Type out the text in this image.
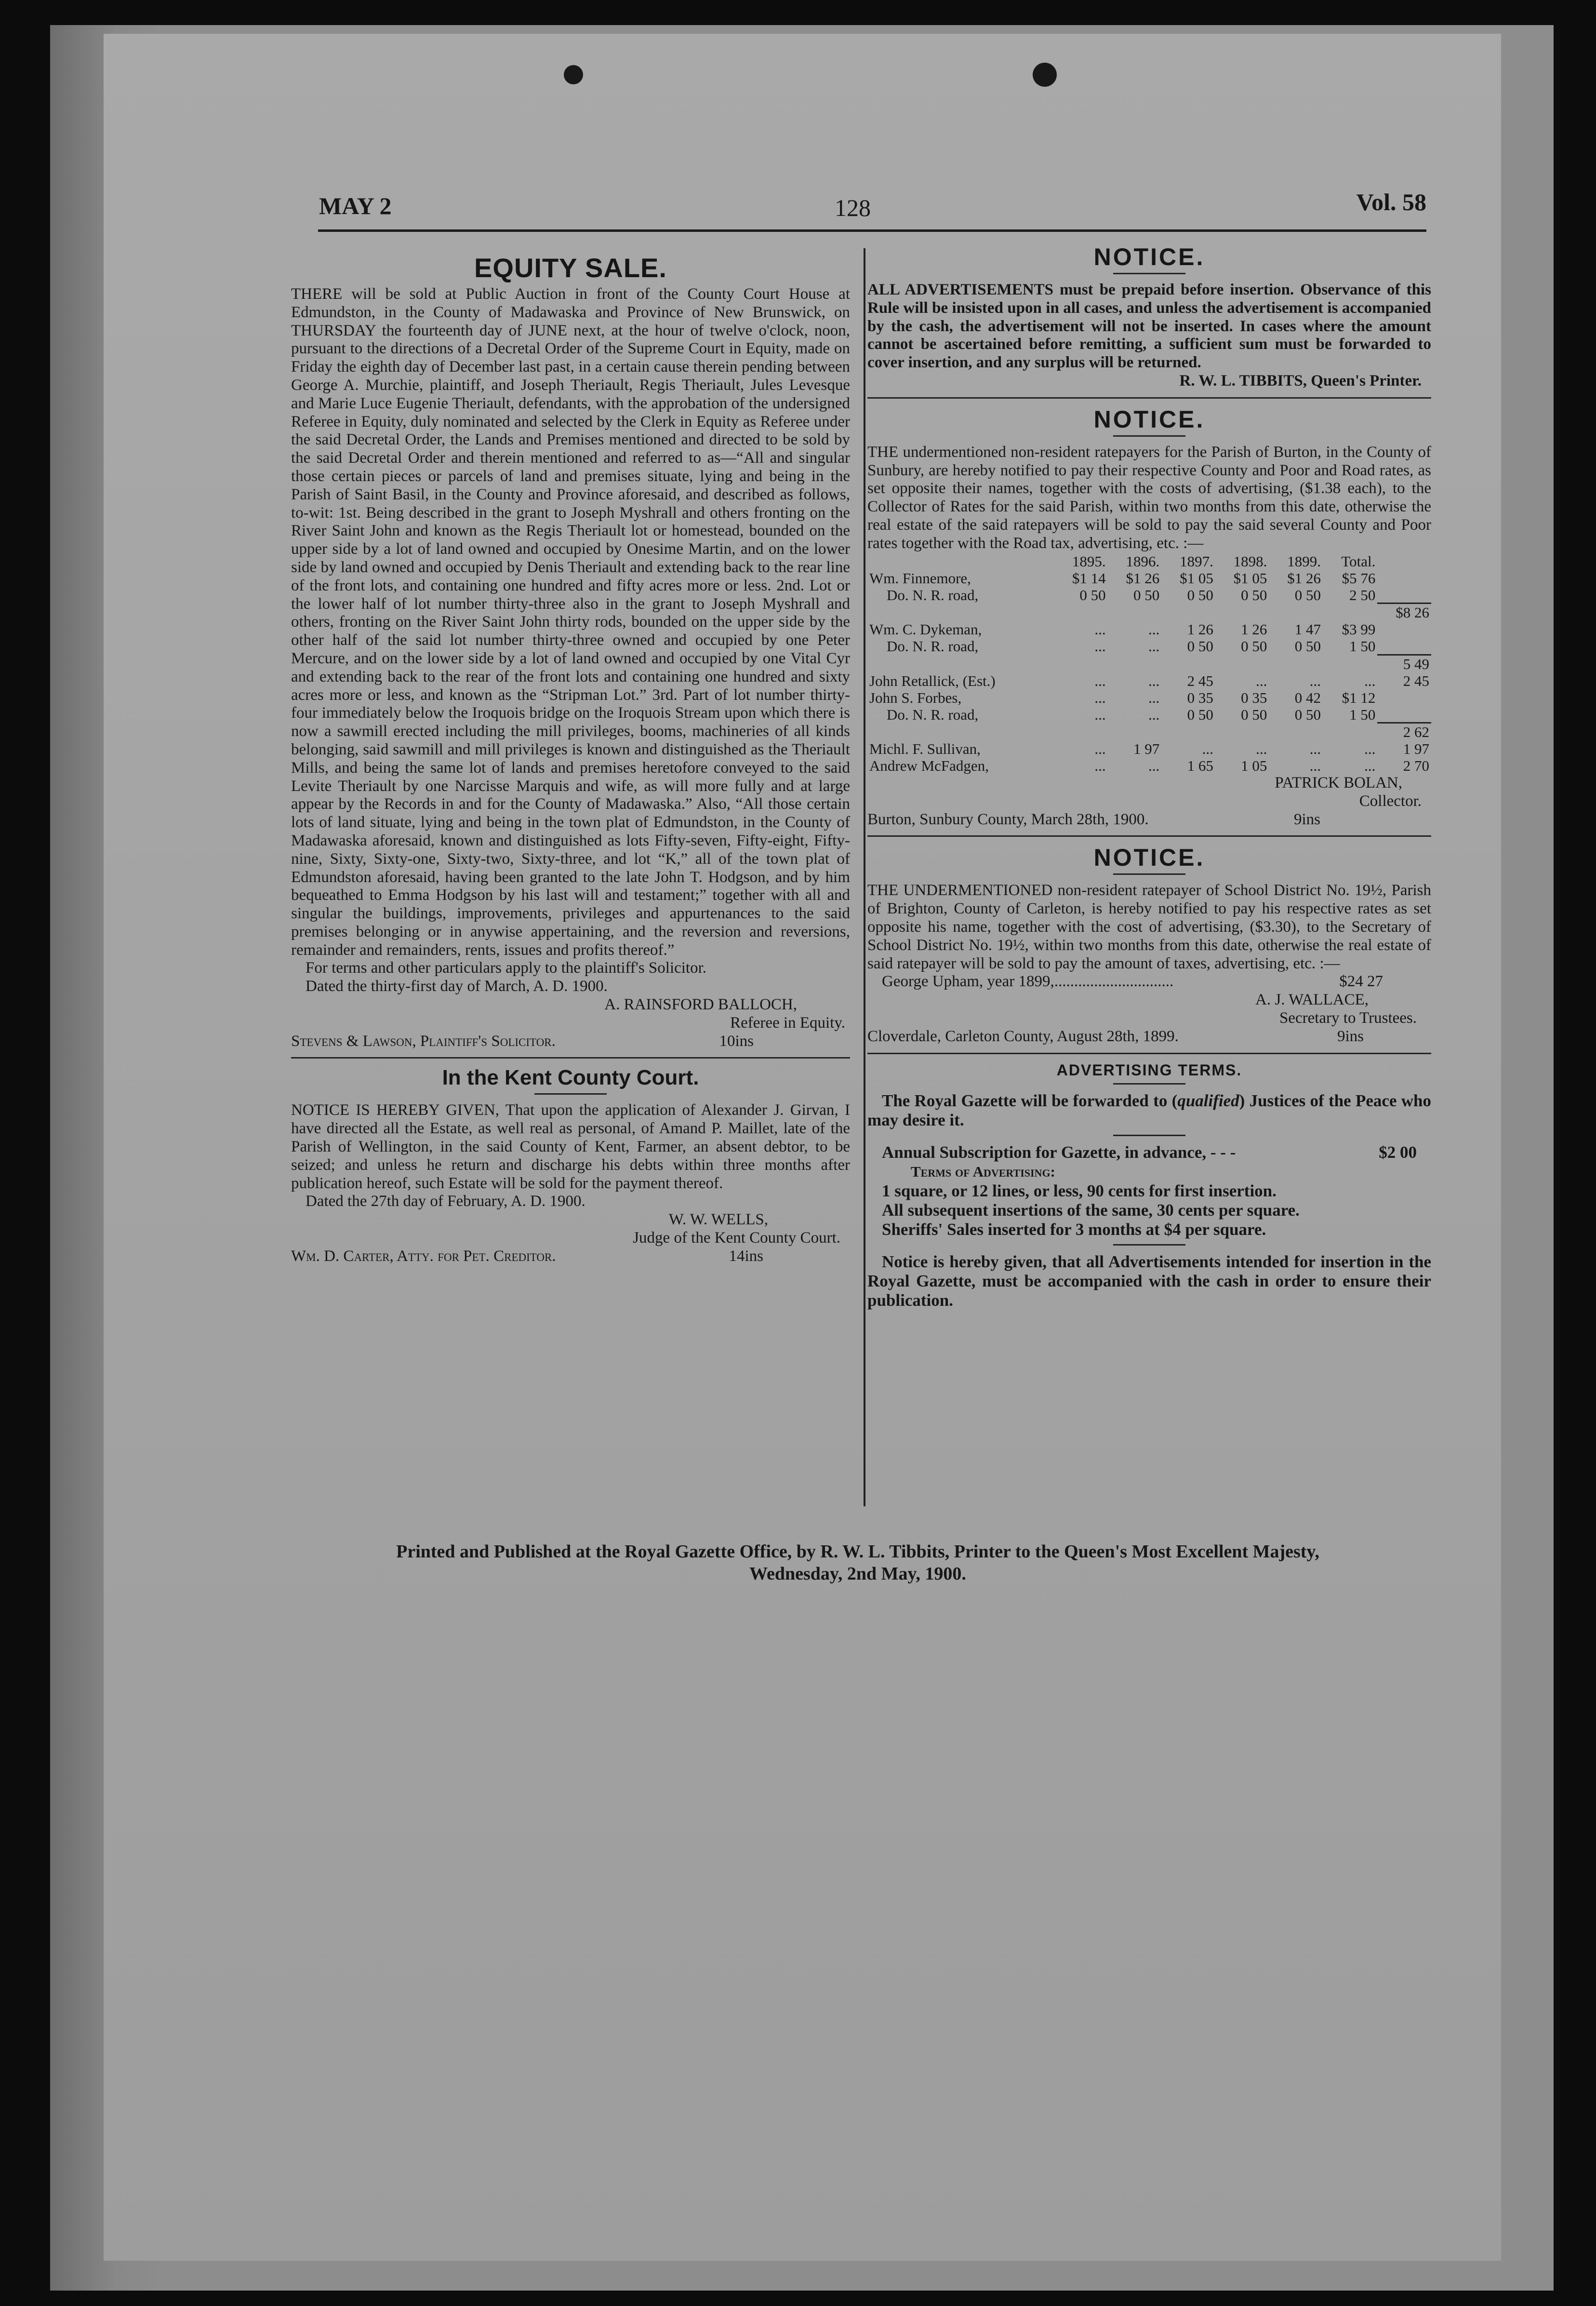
MAY 2	128	Vol. 58
EQUITY SALE.

THERE will be sold at Public Auction in front of the County Court House at Edmundston, in the County of Madawaska and Province of New Brunswick, on THURSDAY the fourteenth day of JUNE next, at the hour of twelve o'clock, noon, pursuant to the directions of a Decretal Order of the Supreme Court in Equity, made on Friday the eighth day of December last past, in a certain cause therein pending between George A. Murchie, plaintiff, and Joseph Theriault, Regis Theriault, Jules Levesque and Marie Luce Eugenie Theriault, defendants, with the approbation of the undersigned Referee in Equity, duly nominated and selected by the Clerk in Equity as Referee under the said Decretal Order, the Lands and Premises mentioned and directed to be sold by the said Decretal Order and therein mentioned and referred to as—“All and singular those certain pieces or parcels of land and premises situate, lying and being in the Parish of Saint Basil, in the County and Province aforesaid, and described as follows, to-wit: 1st. Being described in the grant to Joseph Myshrall and others fronting on the River Saint John and known as the Regis Theriault lot or homestead, bounded on the upper side by a lot of land owned and occupied by Onesime Martin, and on the lower side by land owned and occupied by Denis Theriault and extending back to the rear line of the front lots, and containing one hundred and fifty acres more or less. 2nd. Lot or the lower half of lot number thirty-three also in the grant to Joseph Myshrall and others, fronting on the River Saint John thirty rods, bounded on the upper side by the other half of the said lot number thirty-three owned and occupied by one Peter Mercure, and on the lower side by a lot of land owned and occupied by one Vital Cyr and extending back to the rear of the front lots and containing one hundred and sixty acres more or less, and known as the “Stripman Lot.” 3rd. Part of lot number thirty-four immediately below the Iroquois bridge on the Iroquois Stream upon which there is now a sawmill erected including the mill privileges, booms, machineries of all kinds belonging, said sawmill and mill privileges is known and distinguished as the Theriault Mills, and being the same lot of lands and premises heretofore conveyed to the said Levite Theriault by one Narcisse Marquis and wife, as will more fully and at large appear by the Records in and for the County of Madawaska.” Also, “All those certain lots of land situate, lying and being in the town plat of Edmundston, in the County of Madawaska aforesaid, known and distinguished as lots Fifty-seven, Fifty-eight, Fifty-nine, Sixty, Sixty-one, Sixty-two, Sixty-three, and lot “K,” all of the town plat of Edmundston aforesaid, having been granted to the late John T. Hodgson, and by him bequeathed to Emma Hodgson by his last will and testament;” together with all and singular the buildings, improvements, privileges and appurtenances to the said premises belonging or in anywise appertaining, and the reversion and reversions, remainder and remainders, rents, issues and profits thereof.”

For terms and other particulars apply to the plaintiff's Solicitor.

Dated the thirty-first day of March, A. D. 1900.

A. RAINSFORD BALLOCH,

Referee in Equity.

Stevens & Lawson, Plaintiff's Solicitor.	10ins
In the Kent County Court.

NOTICE IS HEREBY GIVEN, That upon the application of Alexander J. Girvan, I have directed all the Estate, as well real as personal, of Amand P. Maillet, late of the Parish of Wellington, in the said County of Kent, Farmer, an absent debtor, to be seized; and unless he return and discharge his debts within three months after publication hereof, such Estate will be sold for the payment thereof.

Dated the 27th day of February, A. D. 1900.

W. W. WELLS,

Judge of the Kent County Court.

Wm. D. Carter, Atty. for Pet. Creditor.	14ins
NOTICE.

ALL ADVERTISEMENTS must be prepaid before insertion. Observance of this Rule will be insisted upon in all cases, and unless the advertisement is accompanied by the cash, the advertisement will not be inserted. In cases where the amount cannot be ascertained before remitting, a sufficient sum must be forwarded to cover insertion, and any surplus will be returned.

R. W. L. TIBBITS, Queen's Printer.

NOTICE.

THE undermentioned non-resident ratepayers for the Parish of Burton, in the County of Sunbury, are hereby notified to pay their respective County and Poor and Road rates, as set opposite their names, together with the costs of advertising, ($1.38 each), to the Collector of Rates for the said Parish, within two months from this date, otherwise the real estate of the said ratepayers will be sold to pay the said several County and Poor rates together with the Road tax, advertising, etc. :—

	1895.	1896.	1897.	1898.	1899.	Total.	
Wm. Finnemore,	$1 14	$1 26	$1 05	$1 05	$1 26	$5 76	
Do. N. R. road,	0 50	0 50	0 50	0 50	0 50	2 50	
							$8 26
Wm. C. Dykeman,	...	...	1 26	1 26	1 47	$3 99	
Do. N. R. road,	...	...	0 50	0 50	0 50	1 50	
							5 49
John Retallick, (Est.)	...	...	2 45	...	...	...	2 45
John S. Forbes,	...	...	0 35	0 35	0 42	$1 12	
Do. N. R. road,	...	...	0 50	0 50	0 50	1 50	
							2 62
Michl. F. Sullivan,	...	1 97	...	...	...	...	1 97
Andrew McFadgen,	...	...	1 65	1 05	...	...	2 70

PATRICK BOLAN,

Collector.

Burton, Sunbury County, March 28th, 1900.	9ins
NOTICE.

THE UNDERMENTIONED non-resident ratepayer of School District No. 19½, Parish of Brighton, County of Carleton, is hereby notified to pay his respective rates as set opposite his name, together with the cost of advertising, ($3.30), to the Secretary of School District No. 19½, within two months from this date, otherwise the real estate of said ratepayer will be sold to pay the amount of taxes, advertising, etc. :—

George Upham, year 1899,..............................	$24 27

A. J. WALLACE,

Secretary to Trustees.

Cloverdale, Carleton County, August 28th, 1899.	9ins
ADVERTISING TERMS.

The Royal Gazette will be forwarded to (qualified) Justices of the Peace who may desire it.

Annual Subscription for Gazette, in advance, - - -	$2 00

Terms of Advertising:

1 square, or 12 lines, or less, 90 cents for first insertion.
All subsequent insertions of the same, 30 cents per square.
Sheriffs' Sales inserted for 3 months at $4 per square.

Notice is hereby given, that all Advertisements intended for insertion in the Royal Gazette, must be accompanied with the cash in order to ensure their publication.

Printed and Published at the Royal Gazette Office, by R. W. L. Tibbits, Printer to the Queen's Most Excellent Majesty,
Wednesday, 2nd May, 1900.
